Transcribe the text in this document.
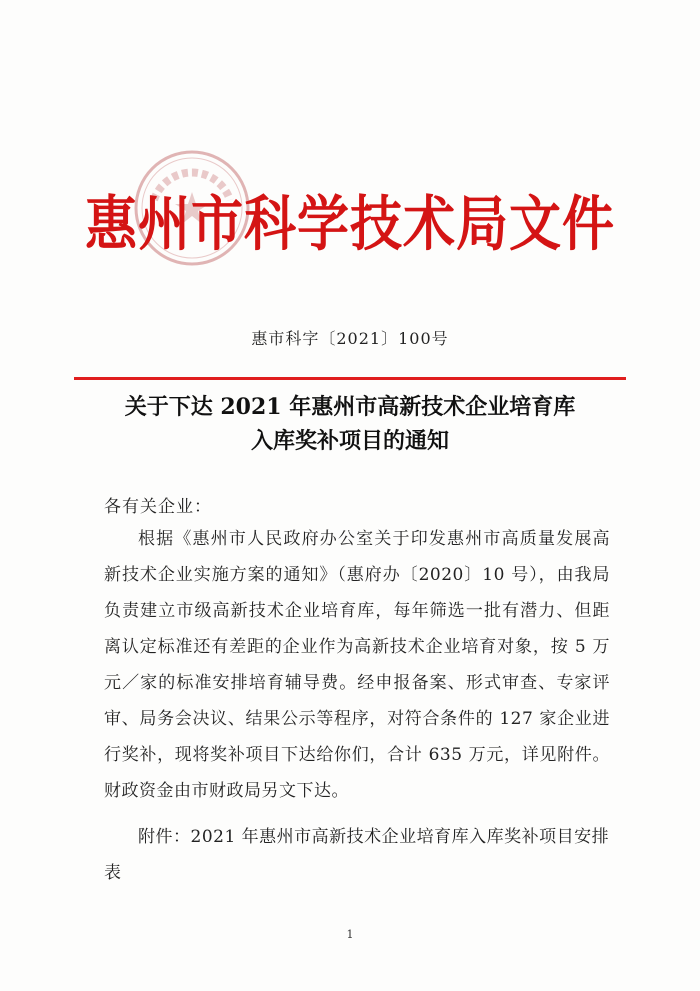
惠州市科学技术局文件
惠市科字〔2021〕100号
关于下达 2021 年惠州市高新技术企业培育库
入库奖补项目的通知
各有关企业：

根据《惠州市人民政府办公室关于印发惠州市高质量发展高新技术企业实施方案的通知》（惠府办〔2020〕10 号），由我局负责建立市级高新技术企业培育库，每年筛选一批有潜力、但距离认定标准还有差距的企业作为高新技术企业培育对象，按 5 万元／家的标准安排培育辅导费。经申报备案、形式审查、专家评审、局务会决议、结果公示等程序，对符合条件的 127 家企业进行奖补，现将奖补项目下达给你们，合计 635 万元，详见附件。财政资金由市财政局另文下达。

附件：2021 年惠州市高新技术企业培育库入库奖补项目安排表

1
